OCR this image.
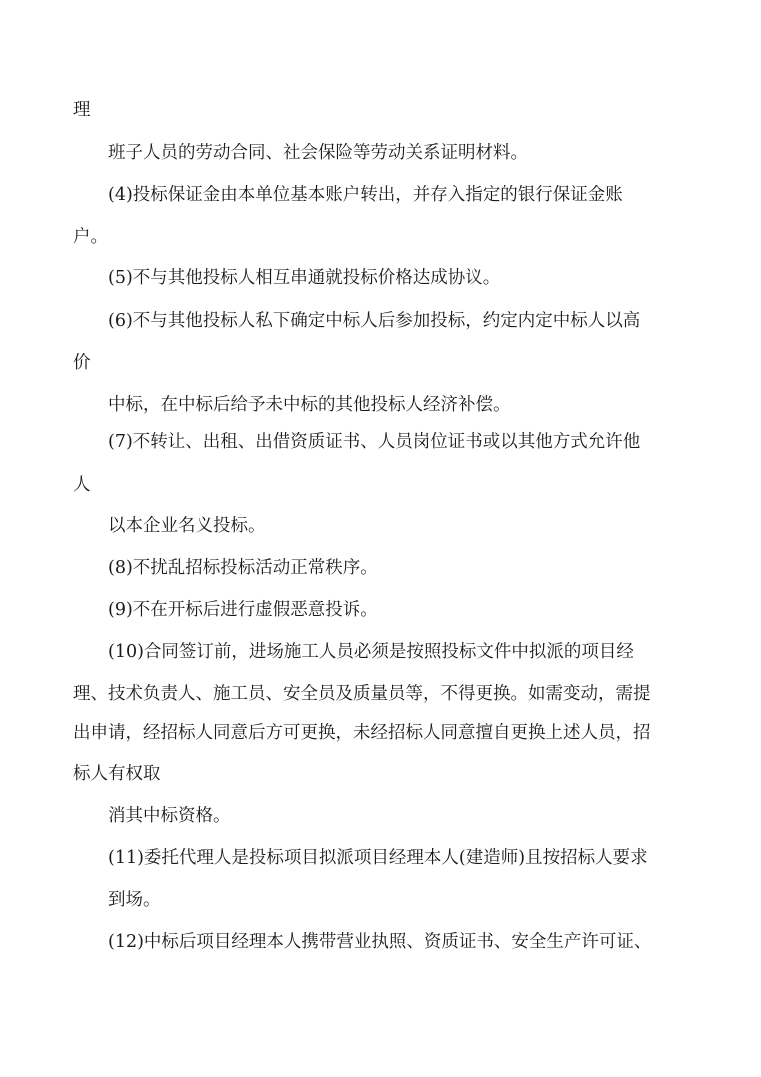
理
班子人员的劳动合同、社会保险等劳动关系证明材料。
(4)投标保证金由本单位基本账户转出，并存入指定的银行保证金账
户。
(5)不与其他投标人相互串通就投标价格达成协议。
(6)不与其他投标人私下确定中标人后参加投标，约定内定中标人以高
价
中标，在中标后给予未中标的其他投标人经济补偿。
(7)不转让、出租、出借资质证书、人员岗位证书或以其他方式允许他
人
以本企业名义投标。
(8)不扰乱招标投标活动正常秩序。
(9)不在开标后进行虚假恶意投诉。
(10)合同签订前，进场施工人员必须是按照投标文件中拟派的项目经
理、技术负责人、施工员、安全员及质量员等，不得更换。如需变动，需提
出申请，经招标人同意后方可更换，未经招标人同意擅自更换上述人员，招
标人有权取
消其中标资格。
(11)委托代理人是投标项目拟派项目经理本人(建造师)且按招标人要求
到场。
(12)中标后项目经理本人携带营业执照、资质证书、安全生产许可证、
